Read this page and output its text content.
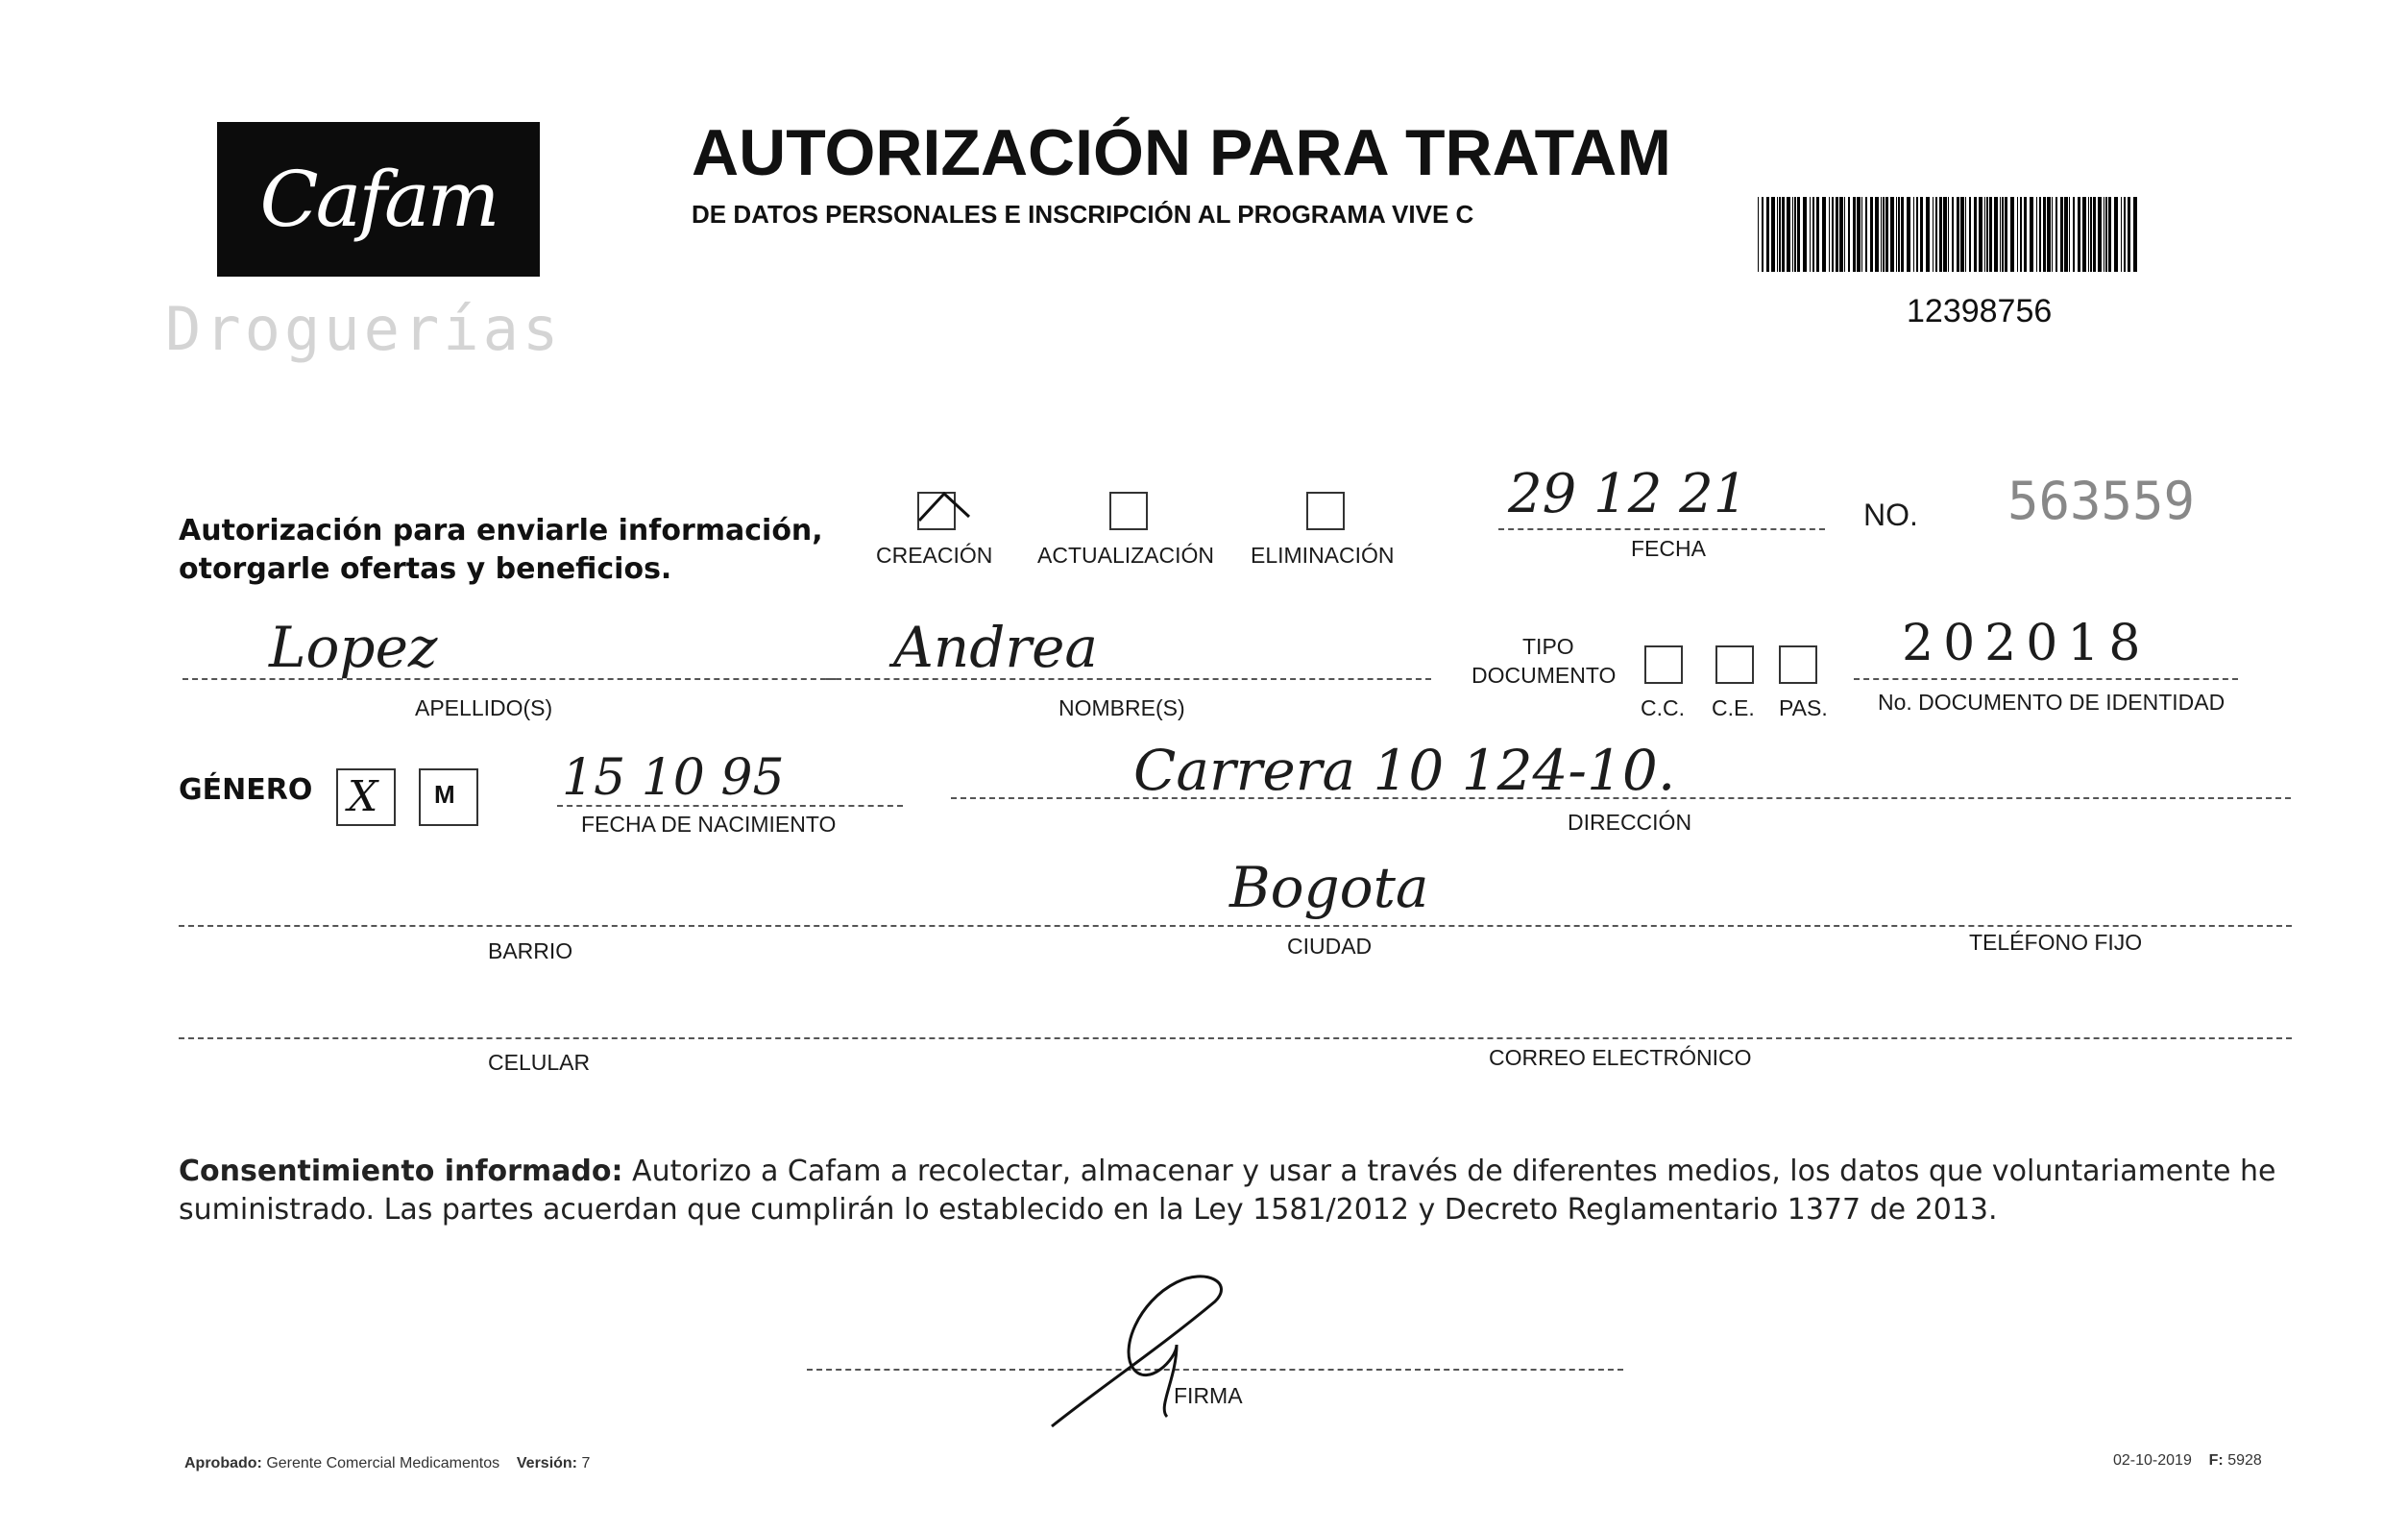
Cafam
Droguerías
AUTORIZACIÓN PARA TRATAM
DE DATOS PERSONALES E INSCRIPCIÓN AL PROGRAMA VIVE C
12398756
Autorización para enviarle información,
otorgarle ofertas y beneficios.	CREACIÓN ACTUALIZACIÓN ELIMINACIÓN
29 12 21
FECHA
NO. 563559
Lopez
APELLIDO(S)
Andrea
NOMBRE(S)
TIPO
DOCUMENTO
C.C. C.E. PAS.
202018
No. DOCUMENTO DE IDENTIDAD
GÉNERO X M 15 10 95
FECHA DE NACIMIENTO
Carrera 10 124-10.
DIRECCIÓN
BARRIO
Bogota
CIUDAD	TELÉFONO FIJO
CELULAR	CORREO ELECTRÓNICO
Consentimiento informado: Autorizo a Cafam a recolectar, almacenar y usar a través de diferentes medios, los datos que voluntariamente he suministrado. Las partes acuerdan que cumplirán lo establecido en la Ley 1581/2012 y Decreto Reglamentario 1377 de 2013.
FIRMA
Aprobado: Gerente Comercial Medicamentos Versión: 7	02-10-2019 F: 5928
